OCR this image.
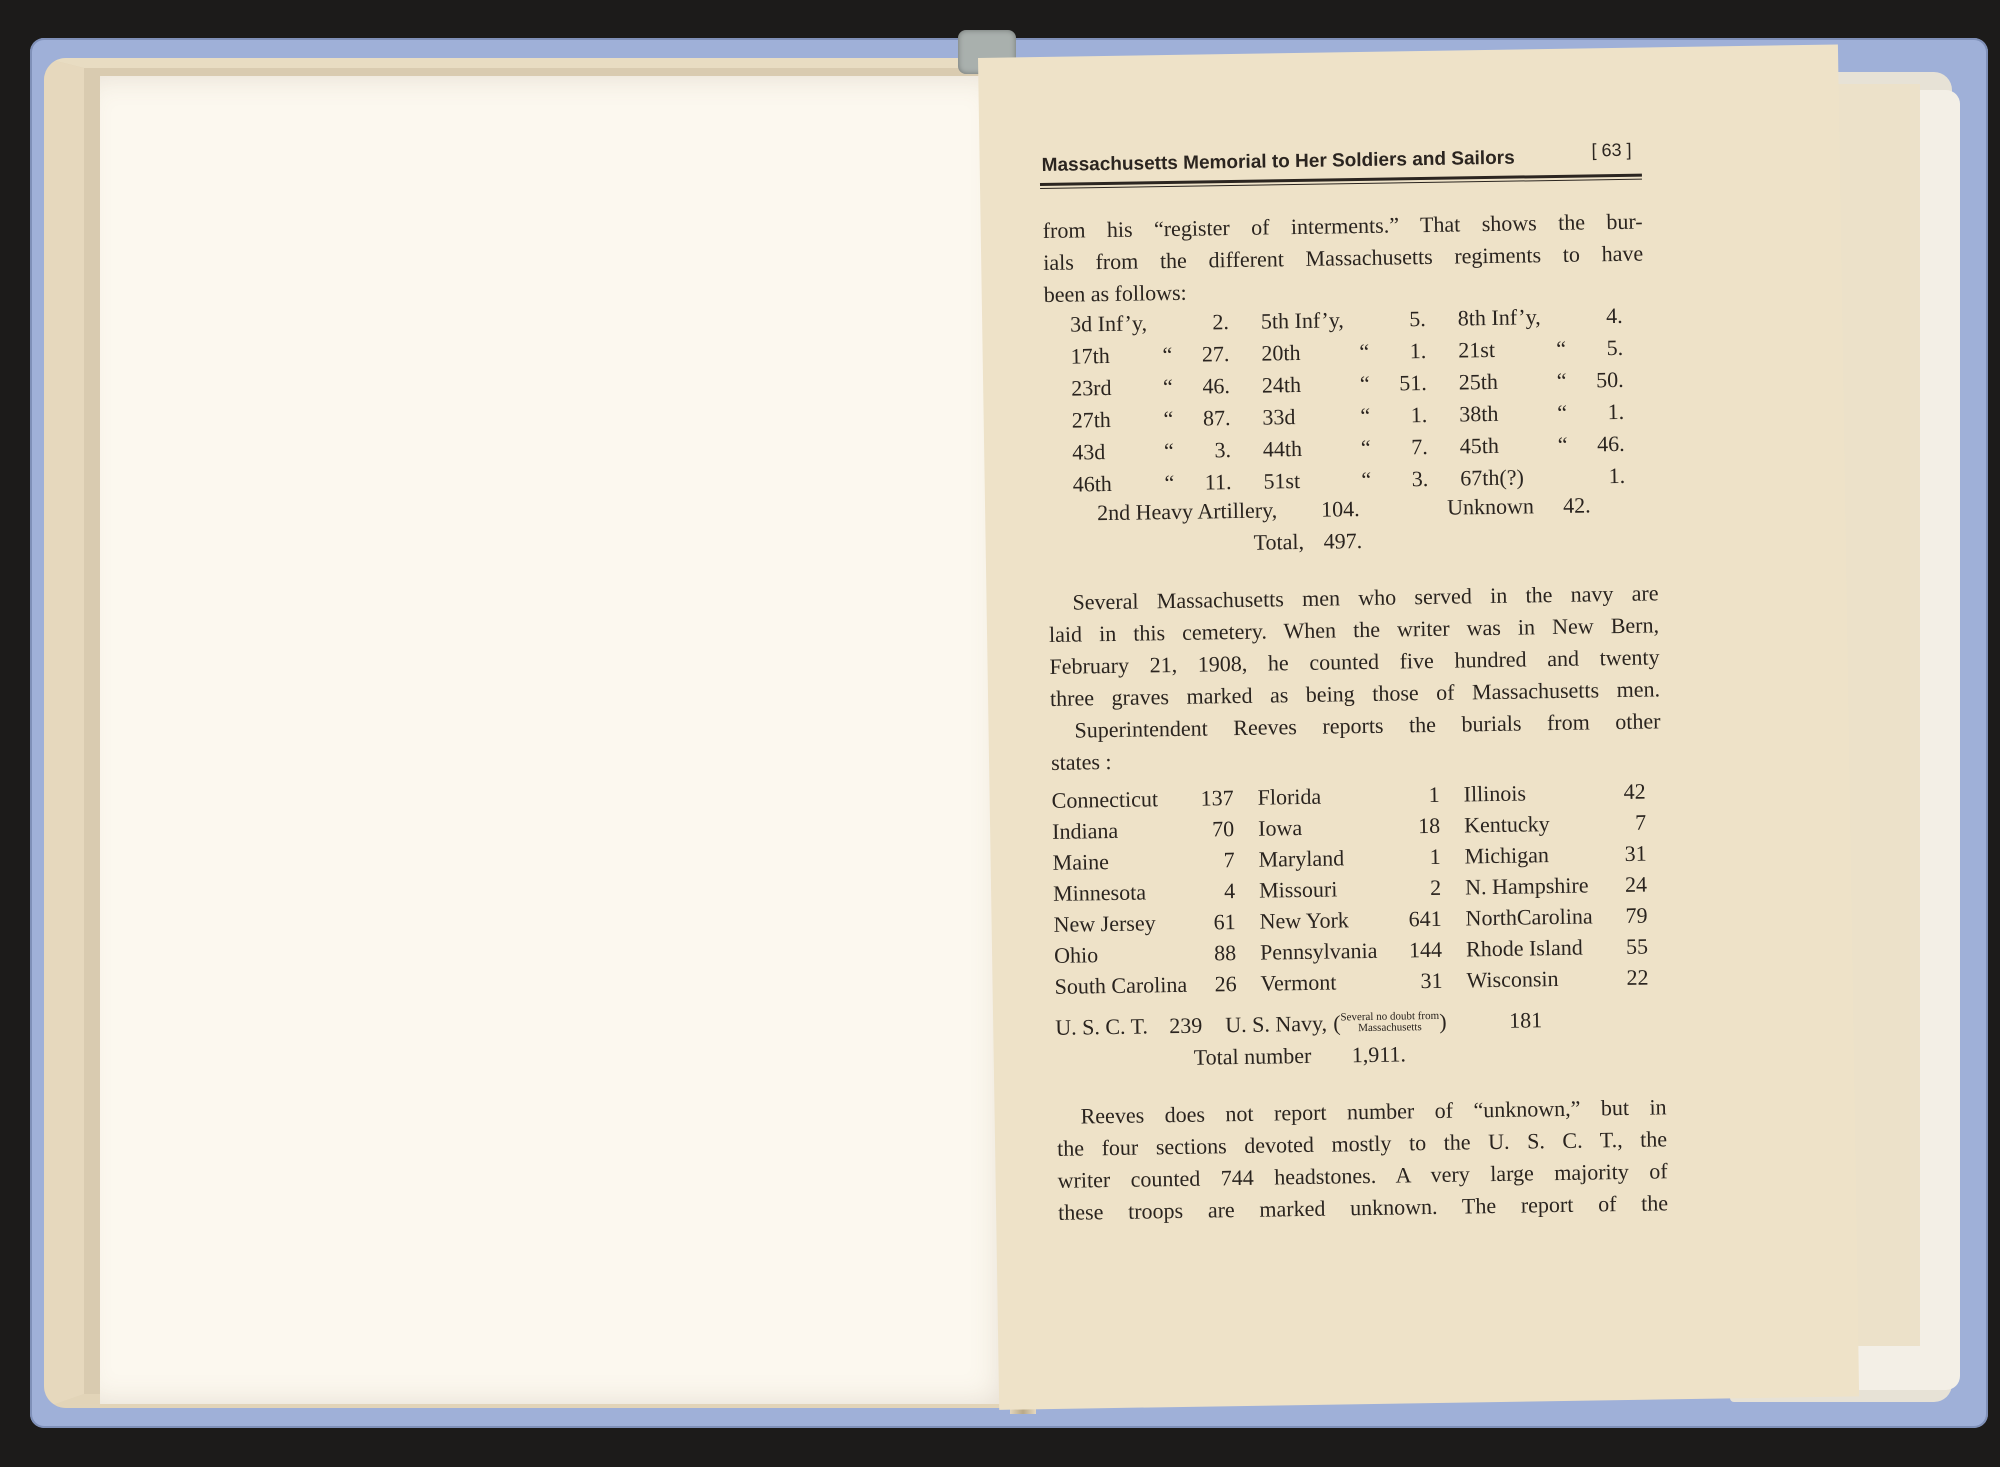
Massachusetts Memorial to Her Soldiers and Sailors	[ 63 ]
from his “register of interments.” That shows the bur-
ials from the different Massachusetts regiments to have
been as follows:
3d Inf’y,		2.	5th Inf’y,		5.	8th Inf’y,		4.
17th	“	27.	20th	“	1.	21st	“	5.
23rd	“	46.	24th	“	51.	25th	“	50.
27th	“	87.	33d	“	1.	38th	“	1.
43d	“	3.	44th	“	7.	45th	“	46.
46th	“	11.	51st	“	3.	67th(?)		1.
2nd Heavy Artillery, 104.	Unknown 42.
Total, 497.
Several Massachusetts men who served in the navy are
laid in this cemetery. When the writer was in New Bern,
February 21, 1908, he counted five hundred and twenty
three graves marked as being those of Massachusetts men.
Superintendent Reeves reports the burials from other
states :
Connecticut	137	Florida	1	Illinois	42
Indiana	70	Iowa	18	Kentucky	7
Maine	7	Maryland	1	Michigan	31
Minnesota	4	Missouri	2	N. Hampshire	24
New Jersey	61	New York	641	NorthCarolina	79
Ohio	88	Pennsylvania	144	Rhode Island	55
South Carolina	26	Vermont	31	Wisconsin	22
U. S. C. T. 239 U. S. Navy, (Several no doubt from
Massachusetts )	181
Total number 1,911.
Reeves does not report number of “unknown,” but in
the four sections devoted mostly to the U. S. C. T., the
writer counted 744 headstones. A very large majority of
these troops are marked unknown. The report of the
